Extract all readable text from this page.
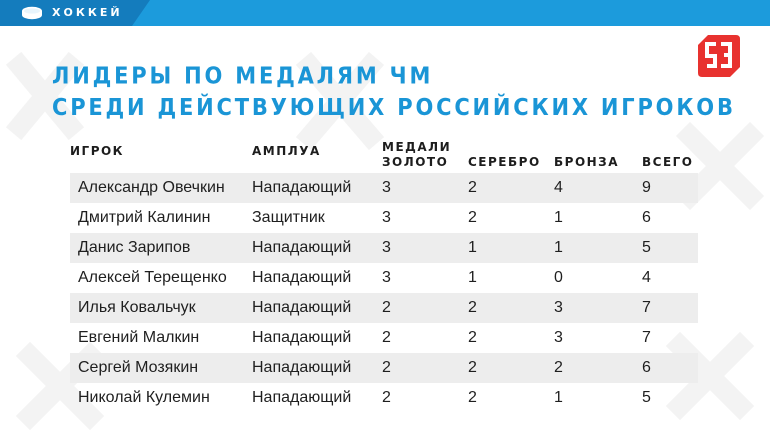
ХОККЕЙ
ЛИДЕРЫ ПО МЕДАЛЯМ ЧМ
СРЕДИ ДЕЙСТВУЮЩИХ РОССИЙСКИХ ИГРОКОВ
ИГРОК	АМПЛУА	МЕДАЛИ
ЗОЛОТО СЕРЕБРО БРОНЗА ВСЕГО
Александр Овечкин Нападающий 3	2	4	9
Дмитрий Калинин	Защитник	3	2	1	6
Данис Зарипов	Нападающий 3	1	1	5
Алексей Терещенко Нападающий 3	1	0	4
Илья Ковальчук	Нападающий 2	2	3	7
Евгений Малкин	Нападающий 2	2	3	7
Сергей Мозякин	Нападающий 2	2	2	6
Николай Кулемин	Нападающий 2	2	1	5
